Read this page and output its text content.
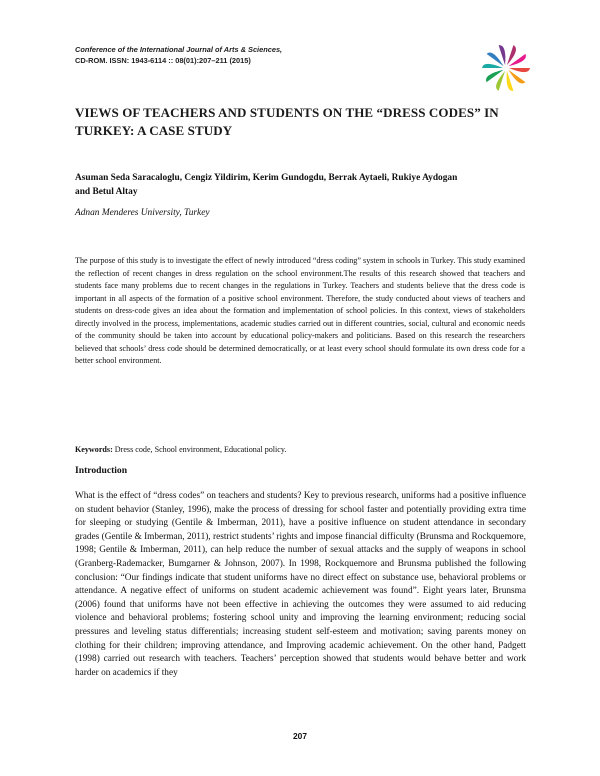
Conference of the International Journal of Arts & Sciences,
CD-ROM. ISSN: 1943-6114 :: 08(01):207–211 (2015)
VIEWS OF TEACHERS AND STUDENTS ON THE “DRESS CODES” IN TURKEY: A CASE STUDY
Asuman Seda Saracaloglu, Cengiz Yildirim, Kerim Gundogdu, Berrak Aytaeli, Rukiye Aydogan and Betul Altay
Adnan Menderes University, Turkey
The purpose of this study is to investigate the effect of newly introduced “dress coding” system in schools in Turkey. This study examined the reflection of recent changes in dress regulation on the school environment.The results of this research showed that teachers and students face many problems due to recent changes in the regulations in Turkey. Teachers and students believe that the dress code is important in all aspects of the formation of a positive school environment. Therefore, the study conducted about views of teachers and students on dress-code gives an idea about the formation and implementation of school policies. In this context, views of stakeholders directly involved in the process, implementations, academic studies carried out in different countries, social, cultural and economic needs of the community should be taken into account by educational policy-makers and politicians. Based on this research the researchers believed that schools’ dress code should be determined democratically, or at least every school should formulate its own dress code for a better school environment.
Keywords: Dress code, School environment, Educational policy.
Introduction
What is the effect of “dress codes” on teachers and students? Key to previous research, uniforms had a positive influence on student behavior (Stanley, 1996), make the process of dressing for school faster and potentially providing extra time for sleeping or studying (Gentile & Imberman, 2011), have a positive influence on student attendance in secondary grades (Gentile & Imberman, 2011), restrict students’ rights and impose financial difficulty (Brunsma and Rockquemore, 1998; Gentile & Imberman, 2011), can help reduce the number of sexual attacks and the supply of weapons in school (Granberg-Rademacker, Bumgarner & Johnson, 2007). In 1998, Rockquemore and Brunsma published the following conclusion: “Our findings indicate that student uniforms have no direct effect on substance use, behavioral problems or attendance. A negative effect of uniforms on student academic achievement was found”. Eight years later, Brunsma (2006) found that uniforms have not been effective in achieving the outcomes they were assumed to aid reducing violence and behavioral problems; fostering school unity and improving the learning environment; reducing social pressures and leveling status differentials; increasing student self-esteem and motivation; saving parents money on clothing for their children; improving attendance, and Improving academic achievement. On the other hand, Padgett (1998) carried out research with teachers. Teachers’ perception showed that students would behave better and work harder on academics if they
207
